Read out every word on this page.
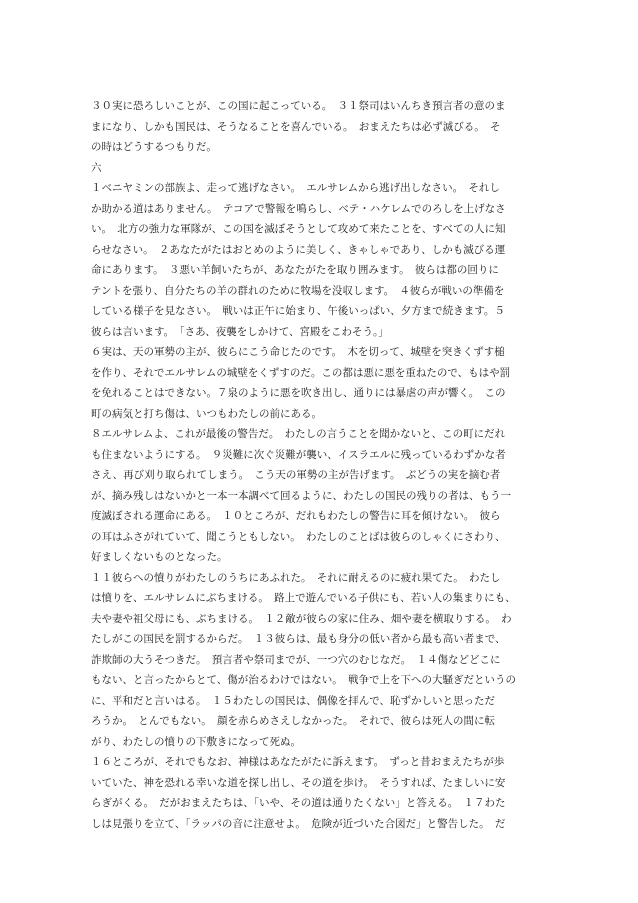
３０実に恐ろしいことが、この国に起こっている。　３１祭司はいんちき預言者の意のま
まになり、しかも国民は、そうなることを喜んでいる。　おまえたちは必ず滅びる。　そ
の時はどうするつもりだ。
六
１ベニヤミンの部族よ、走って逃げなさい。　エルサレムから逃げ出しなさい。　それし
か助かる道はありません。　テコアで警報を鳴らし、ベテ・ハケレムでのろしを上げなさ
い。　北方の強力な軍隊が、この国を滅ぼそうとして攻めて来たことを、すべての人に知
らせなさい。　２あなたがたはおとめのように美しく、きゃしゃであり、しかも滅びる運
命にあります。　３悪い羊飼いたちが、あなたがたを取り囲みます。　彼らは都の回りに
テントを張り、自分たちの羊の群れのために牧場を没収します。　４彼らが戦いの準備を
している様子を見なさい。　戦いは正午に始まり、午後いっぱい、夕方まで続きます。５
彼らは言います。　「さあ、夜襲をしかけて、宮殿をこわそう。」
６実は、天の軍勢の主が、彼らにこう命じたのです。　木を切って、城壁を突きくずす槌
を作り、それでエルサレムの城壁をくずすのだ。この都は悪に悪を重ねたので、もはや罰
を免れることはできない。７泉のように悪を吹き出し、通りには暴虐の声が響く。　この
町の病気と打ち傷は、いつもわたしの前にある。
８エルサレムよ、これが最後の警告だ。　わたしの言うことを聞かないと、この町にだれ
も住まないようにする。　９災難に次ぐ災難が襲い、イスラエルに残っているわずかな者
さえ、再び刈り取られてしまう。　こう天の軍勢の主が告げます。　ぶどうの実を摘む者
が、摘み残しはないかと一本一本調べて回るように、わたしの国民の残りの者は、もう一
度滅ぼされる運命にある。　１０ところが、だれもわたしの警告に耳を傾けない。　彼ら
の耳はふさがれていて、聞こうともしない。　わたしのことばは彼らのしゃくにさわり、
好ましくないものとなった。
１１彼らへの憤りがわたしのうちにあふれた。　それに耐えるのに疲れ果てた。　わたし
は憤りを、エルサレムにぶちまける。　路上で遊んでいる子供にも、若い人の集まりにも、
夫や妻や祖父母にも、ぶちまける。　１２敵が彼らの家に住み、畑や妻を横取りする。　わ
たしがこの国民を罰するからだ。　１３彼らは、最も身分の低い者から最も高い者まで、
詐欺師の大うそつきだ。　預言者や祭司までが、一つ穴のむじなだ。　１４傷などどこに
もない、と言ったからとて、傷が治るわけではない。　戦争で上を下への大騒ぎだというの
に、平和だと言いはる。　１５わたしの国民は、偶像を拝んで、恥ずかしいと思っただ
ろうか。　とんでもない。　顔を赤らめさえしなかった。　それで、彼らは死人の間に転
がり、わたしの憤りの下敷きになって死ぬ。
１６ところが、それでもなお、神様はあなたがたに訴えます。　ずっと昔おまえたちが歩
いていた、神を恐れる幸いな道を探し出し、その道を歩け。　そうすれば、たましいに安
らぎがくる。　だがおまえたちは、「いや、その道は通りたくない」と答える。　１７わた
しは見張りを立て、「ラッパの音に注意せよ。　危険が近づいた合図だ」と警告した。　だ
